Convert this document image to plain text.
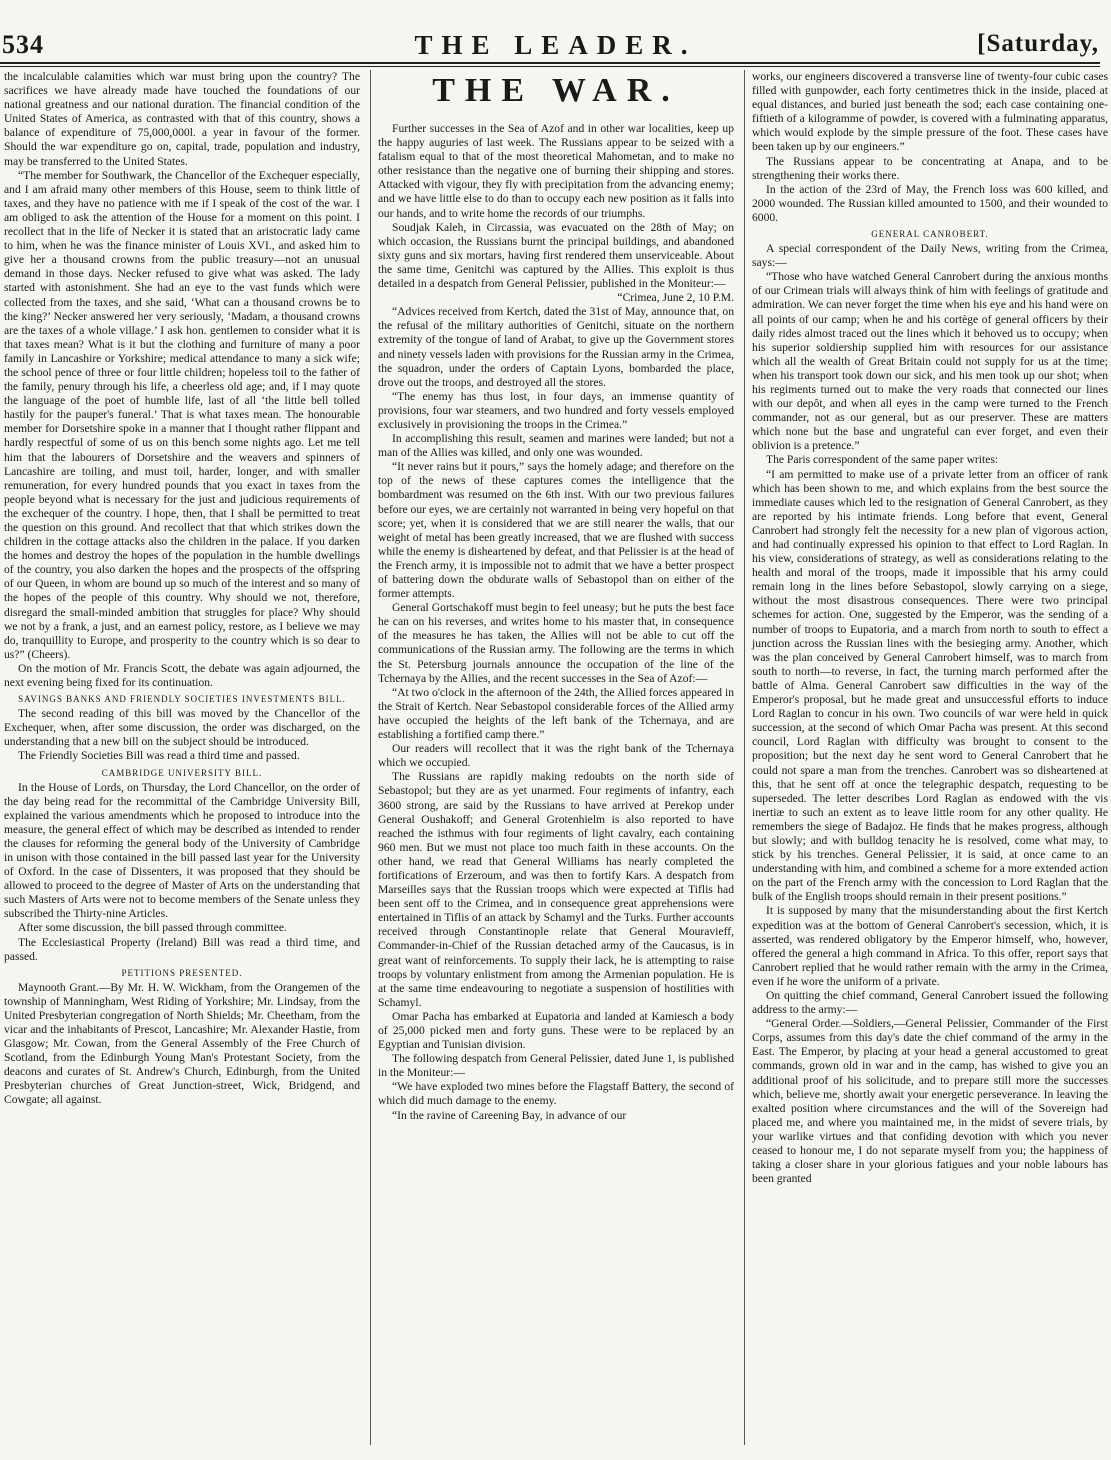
534	THE LEADER.	[Saturday,

the incalculable calamities which war must bring upon the country? The sacrifices we have already made have touched the foundations of our national greatness and our national duration. The financial condition of the United States of America, as contrasted with that of this country, shows a balance of expenditure of 75,000,000l. a year in favour of the former. Should the war expenditure go on, capital, trade, population and industry, may be transferred to the United States.

“The member for Southwark, the Chancellor of the Exchequer especially, and I am afraid many other members of this House, seem to think little of taxes, and they have no patience with me if I speak of the cost of the war. I am obliged to ask the attention of the House for a moment on this point. I recollect that in the life of Necker it is stated that an aristocratic lady came to him, when he was the finance minister of Louis XVI., and asked him to give her a thousand crowns from the public treasury—not an unusual demand in those days. Necker refused to give what was asked. The lady started with astonishment. She had an eye to the vast funds which were collected from the taxes, and she said, ‘What can a thousand crowns be to the king?’ Necker answered her very seriously, ‘Madam, a thousand crowns are the taxes of a whole village.’ I ask hon. gentlemen to consider what it is that taxes mean? What is it but the clothing and furniture of many a poor family in Lancashire or Yorkshire; medical attendance to many a sick wife; the school pence of three or four little children; hopeless toil to the father of the family, penury through his life, a cheerless old age; and, if I may quote the language of the poet of humble life, last of all ‘the little bell tolled hastily for the pauper's funeral.’ That is what taxes mean. The honourable member for Dorsetshire spoke in a manner that I thought rather flippant and hardly respectful of some of us on this bench some nights ago. Let me tell him that the labourers of Dorsetshire and the weavers and spinners of Lancashire are toiling, and must toil, harder, longer, and with smaller remuneration, for every hundred pounds that you exact in taxes from the people beyond what is necessary for the just and judicious requirements of the exchequer of the country. I hope, then, that I shall be permitted to treat the question on this ground. And recollect that that which strikes down the children in the cottage attacks also the children in the palace. If you darken the homes and destroy the hopes of the population in the humble dwellings of the country, you also darken the hopes and the prospects of the offspring of our Queen, in whom are bound up so much of the interest and so many of the hopes of the people of this country. Why should we not, therefore, disregard the small-minded ambition that struggles for place? Why should we not by a frank, a just, and an earnest policy, restore, as I believe we may do, tranquillity to Europe, and prosperity to the country which is so dear to us?” (Cheers).

On the motion of Mr. Francis Scott, the debate was again adjourned, the next evening being fixed for its continuation.

SAVINGS BANKS AND FRIENDLY SOCIETIES INVESTMENTS BILL.

The second reading of this bill was moved by the Chancellor of the Exchequer, when, after some discussion, the order was discharged, on the understanding that a new bill on the subject should be introduced.

The Friendly Societies Bill was read a third time and passed.

CAMBRIDGE UNIVERSITY BILL.

In the House of Lords, on Thursday, the Lord Chancellor, on the order of the day being read for the recommittal of the Cambridge University Bill, explained the various amendments which he proposed to introduce into the measure, the general effect of which may be described as intended to render the clauses for reforming the general body of the University of Cambridge in unison with those contained in the bill passed last year for the University of Oxford. In the case of Dissenters, it was proposed that they should be allowed to proceed to the degree of Master of Arts on the understanding that such Masters of Arts were not to become members of the Senate unless they subscribed the Thirty-nine Articles.

After some discussion, the bill passed through committee.

The Ecclesiastical Property (Ireland) Bill was read a third time, and passed.

PETITIONS PRESENTED.

Maynooth Grant.—By Mr. H. W. Wickham, from the Orangemen of the township of Manningham, West Riding of Yorkshire; Mr. Lindsay, from the United Presbyterian congregation of North Shields; Mr. Cheetham, from the vicar and the inhabitants of Prescot, Lancashire; Mr. Alexander Hastie, from Glasgow; Mr. Cowan, from the General Assembly of the Free Church of Scotland, from the Edinburgh Young Man's Protestant Society, from the deacons and curates of St. Andrew's Church, Edinburgh, from the United Presbyterian churches of Great Junction-street, Wick, Bridgend, and Cowgate; all against.

THE WAR.

Further successes in the Sea of Azof and in other war localities, keep up the happy auguries of last week. The Russians appear to be seized with a fatalism equal to that of the most theoretical Mahometan, and to make no other resistance than the negative one of burning their shipping and stores. Attacked with vigour, they fly with precipitation from the advancing enemy; and we have little else to do than to occupy each new position as it falls into our hands, and to write home the records of our triumphs.

Soudjak Kaleh, in Circassia, was evacuated on the 28th of May; on which occasion, the Russians burnt the principal buildings, and abandoned sixty guns and six mortars, having first rendered them unserviceable. About the same time, Genitchi was captured by the Allies. This exploit is thus detailed in a despatch from General Pelissier, published in the Moniteur:—

“Crimea, June 2, 10 P.M.

“Advices received from Kertch, dated the 31st of May, announce that, on the refusal of the military authorities of Genitchi, situate on the northern extremity of the tongue of land of Arabat, to give up the Government stores and ninety vessels laden with provisions for the Russian army in the Crimea, the squadron, under the orders of Captain Lyons, bombarded the place, drove out the troops, and destroyed all the stores.

“The enemy has thus lost, in four days, an immense quantity of provisions, four war steamers, and two hundred and forty vessels employed exclusively in provisioning the troops in the Crimea.”

In accomplishing this result, seamen and marines were landed; but not a man of the Allies was killed, and only one was wounded.

“It never rains but it pours,” says the homely adage; and therefore on the top of the news of these captures comes the intelligence that the bombardment was resumed on the 6th inst. With our two previous failures before our eyes, we are certainly not warranted in being very hopeful on that score; yet, when it is considered that we are still nearer the walls, that our weight of metal has been greatly increased, that we are flushed with success while the enemy is disheartened by defeat, and that Pelissier is at the head of the French army, it is impossible not to admit that we have a better prospect of battering down the obdurate walls of Sebastopol than on either of the former attempts.

General Gortschakoff must begin to feel uneasy; but he puts the best face he can on his reverses, and writes home to his master that, in consequence of the measures he has taken, the Allies will not be able to cut off the communications of the Russian army. The following are the terms in which the St. Petersburg journals announce the occupation of the line of the Tchernaya by the Allies, and the recent successes in the Sea of Azof:—

“At two o'clock in the afternoon of the 24th, the Allied forces appeared in the Strait of Kertch. Near Sebastopol considerable forces of the Allied army have occupied the heights of the left bank of the Tchernaya, and are establishing a fortified camp there.”

Our readers will recollect that it was the right bank of the Tchernaya which we occupied.

The Russians are rapidly making redoubts on the north side of Sebastopol; but they are as yet unarmed. Four regiments of infantry, each 3600 strong, are said by the Russians to have arrived at Perekop under General Oushakoff; and General Grotenhielm is also reported to have reached the isthmus with four regiments of light cavalry, each containing 960 men. But we must not place too much faith in these accounts. On the other hand, we read that General Williams has nearly completed the fortifications of Erzeroum, and was then to fortify Kars. A despatch from Marseilles says that the Russian troops which were expected at Tiflis had been sent off to the Crimea, and in consequence great apprehensions were entertained in Tiflis of an attack by Schamyl and the Turks. Further accounts received through Constantinople relate that General Mouravieff, Commander-in-Chief of the Russian detached army of the Caucasus, is in great want of reinforcements. To supply their lack, he is attempting to raise troops by voluntary enlistment from among the Armenian population. He is at the same time endeavouring to negotiate a suspension of hostilities with Schamyl.

Omar Pacha has embarked at Eupatoria and landed at Kamiesch a body of 25,000 picked men and forty guns. These were to be replaced by an Egyptian and Tunisian division.

The following despatch from General Pelissier, dated June 1, is published in the Moniteur:—

“We have exploded two mines before the Flagstaff Battery, the second of which did much damage to the enemy.

“In the ravine of Careening Bay, in advance of our

works, our engineers discovered a transverse line of twenty-four cubic cases filled with gunpowder, each forty centimetres thick in the inside, placed at equal distances, and buried just beneath the sod; each case containing one-fiftieth of a kilogramme of powder, is covered with a fulminating apparatus, which would explode by the simple pressure of the foot. These cases have been taken up by our engineers.”

The Russians appear to be concentrating at Anapa, and to be strengthening their works there.

In the action of the 23rd of May, the French loss was 600 killed, and 2000 wounded. The Russian killed amounted to 1500, and their wounded to 6000.

GENERAL CANROBERT.

A special correspondent of the Daily News, writing from the Crimea, says:—

“Those who have watched General Canrobert during the anxious months of our Crimean trials will always think of him with feelings of gratitude and admiration. We can never forget the time when his eye and his hand were on all points of our camp; when he and his cortège of general officers by their daily rides almost traced out the lines which it behoved us to occupy; when his superior soldiership supplied him with resources for our assistance which all the wealth of Great Britain could not supply for us at the time; when his transport took down our sick, and his men took up our shot; when his regiments turned out to make the very roads that connected our lines with our depôt, and when all eyes in the camp were turned to the French commander, not as our general, but as our preserver. These are matters which none but the base and ungrateful can ever forget, and even their oblivion is a pretence.”

The Paris correspondent of the same paper writes:

“I am permitted to make use of a private letter from an officer of rank which has been shown to me, and which explains from the best source the immediate causes which led to the resignation of General Canrobert, as they are reported by his intimate friends. Long before that event, General Canrobert had strongly felt the necessity for a new plan of vigorous action, and had continually expressed his opinion to that effect to Lord Raglan. In his view, considerations of strategy, as well as considerations relating to the health and moral of the troops, made it impossible that his army could remain long in the lines before Sebastopol, slowly carrying on a siege, without the most disastrous consequences. There were two principal schemes for action. One, suggested by the Emperor, was the sending of a number of troops to Eupatoria, and a march from north to south to effect a junction across the Russian lines with the besieging army. Another, which was the plan conceived by General Canrobert himself, was to march from south to north—to reverse, in fact, the turning march performed after the battle of Alma. General Canrobert saw difficulties in the way of the Emperor's proposal, but he made great and unsuccessful efforts to induce Lord Raglan to concur in his own. Two councils of war were held in quick succession, at the second of which Omar Pacha was present. At this second council, Lord Raglan with difficulty was brought to consent to the proposition; but the next day he sent word to General Canrobert that he could not spare a man from the trenches. Canrobert was so disheartened at this, that he sent off at once the telegraphic despatch, requesting to be superseded. The letter describes Lord Raglan as endowed with the vis inertiæ to such an extent as to leave little room for any other quality. He remembers the siege of Badajoz. He finds that he makes progress, although but slowly; and with bulldog tenacity he is resolved, come what may, to stick by his trenches. General Pelissier, it is said, at once came to an understanding with him, and combined a scheme for a more extended action on the part of the French army with the concession to Lord Raglan that the bulk of the English troops should remain in their present positions.”

It is supposed by many that the misunderstanding about the first Kertch expedition was at the bottom of General Canrobert's secession, which, it is asserted, was rendered obligatory by the Emperor himself, who, however, offered the general a high command in Africa. To this offer, report says that Canrobert replied that he would rather remain with the army in the Crimea, even if he wore the uniform of a private.

On quitting the chief command, General Canrobert issued the following address to the army:—

“General Order.—Soldiers,—General Pelissier, Commander of the First Corps, assumes from this day's date the chief command of the army in the East. The Emperor, by placing at your head a general accustomed to great commands, grown old in war and in the camp, has wished to give you an additional proof of his solicitude, and to prepare still more the successes which, believe me, shortly await your energetic perseverance. In leaving the exalted position where circumstances and the will of the Sovereign had placed me, and where you maintained me, in the midst of severe trials, by your warlike virtues and that confiding devotion with which you never ceased to honour me, I do not separate myself from you; the happiness of taking a closer share in your glorious fatigues and your noble labours has been granted
